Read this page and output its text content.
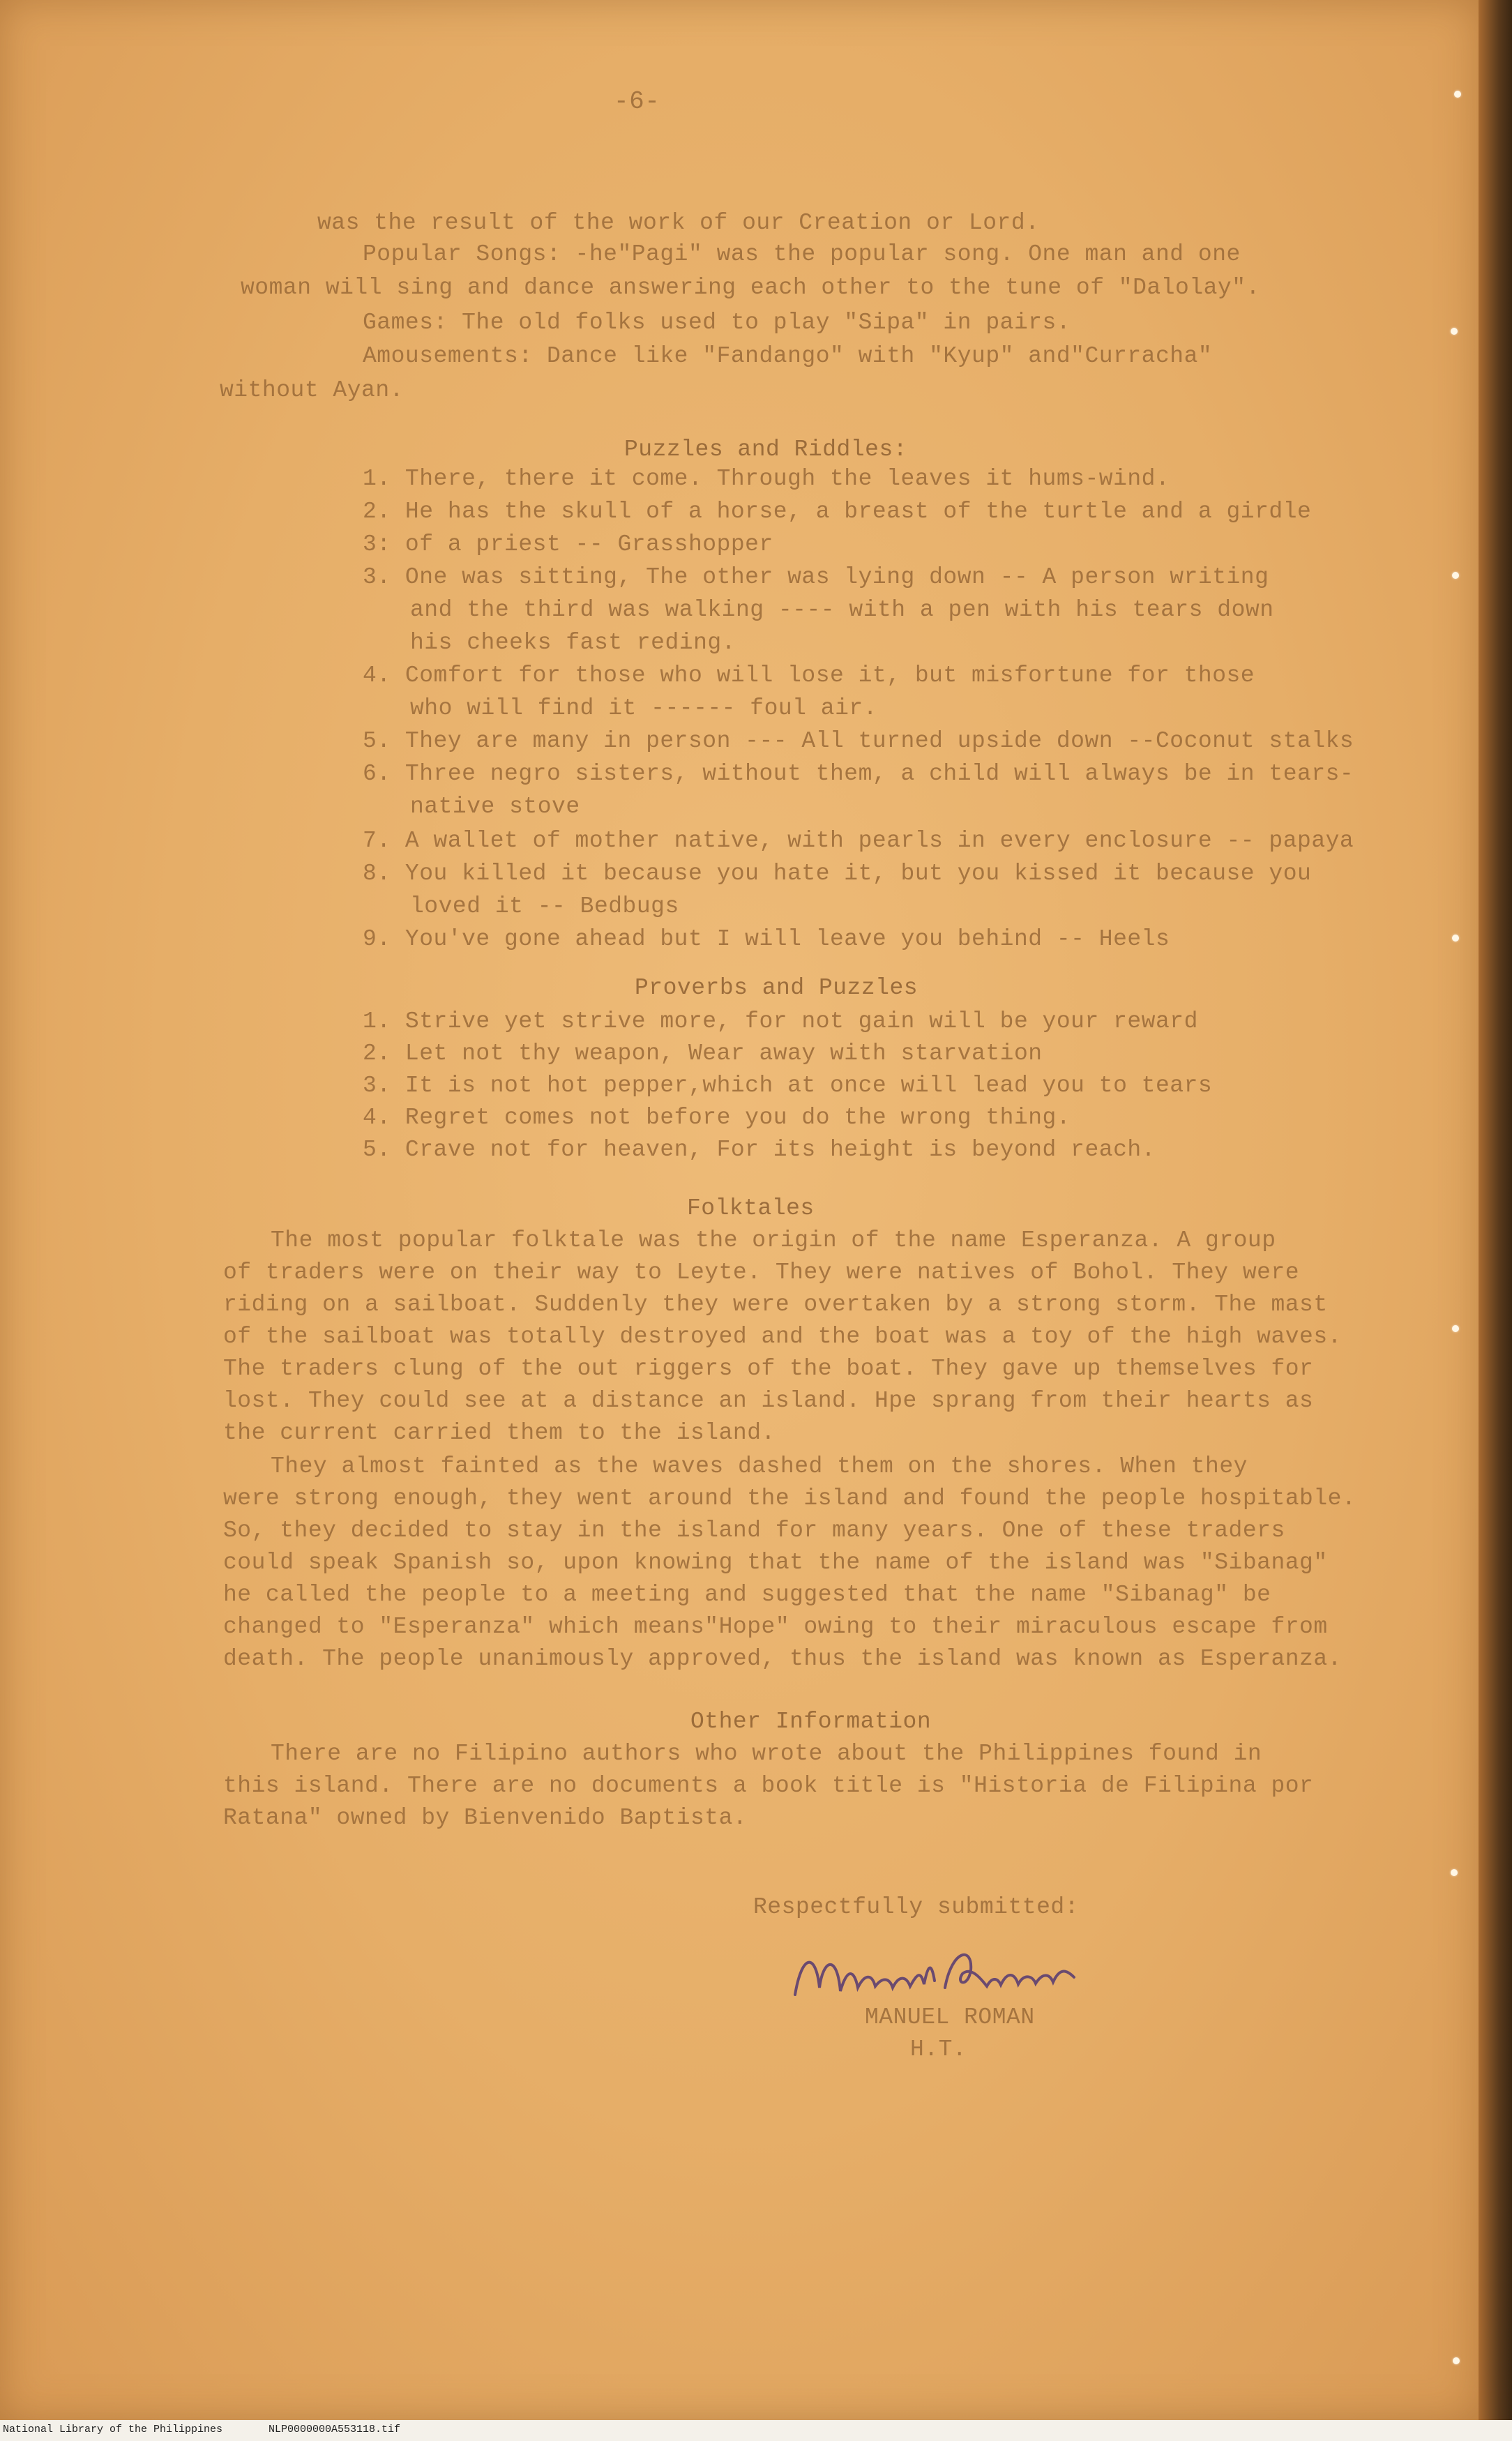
-6-
was the result of the work of our Creation or Lord.
Popular Songs: -he"Pagi" was the popular song. One man and one
woman will sing and dance answering each other to the tune of "Dalolay".
Games: The old folks used to play "Sipa" in pairs.
Amousements: Dance like "Fandango" with "Kyup" and"Curracha"
without Ayan.
Puzzles and Riddles:
1. There, there it come. Through the leaves it hums-wind.
2. He has the skull of a horse, a breast of the turtle and a girdle
3: of a priest -- Grasshopper
3. One was sitting, The other was lying down -- A person writing
and the third was walking ---- with a pen with his tears down
his cheeks fast reding.
4. Comfort for those who will lose it, but misfortune for those
who will find it ------ foul air.
5. They are many in person --- All turned upside down --Coconut stalks
6. Three negro sisters, without them, a child will always be in tears-
native stove
7. A wallet of mother native, with pearls in every enclosure -- papaya
8. You killed it because you hate it, but you kissed it because you
loved it -- Bedbugs
9. You've gone ahead but I will leave you behind -- Heels
Proverbs and Puzzles
1. Strive yet strive more, for not gain will be your reward
2. Let not thy weapon, Wear away with starvation
3. It is not hot pepper,which at once will lead you to tears
4. Regret comes not before you do the wrong thing.
5. Crave not for heaven, For its height is beyond reach.
Folktales
The most popular folktale was the origin of the name Esperanza. A group
of traders were on their way to Leyte. They were natives of Bohol. They were
riding on a sailboat. Suddenly they were overtaken by a strong storm. The mast
of the sailboat was totally destroyed and the boat was a toy of the high waves.
The traders clung of the out riggers of the boat. They gave up themselves for
lost. They could see at a distance an island. Hpe sprang from their hearts as
the current carried them to the island.
They almost fainted as the waves dashed them on the shores. When they
were strong enough, they went around the island and found the people hospitable.
So, they decided to stay in the island for many years. One of these traders
could speak Spanish so, upon knowing that the name of the island was "Sibanag"
he called the people to a meeting and suggested that the name "Sibanag" be
changed to "Esperanza" which means"Hope" owing to their miraculous escape from
death. The people unanimously approved, thus the island was known as Esperanza.
Other Information
There are no Filipino authors who wrote about the Philippines found in
this island. There are no documents a book title is "Historia de Filipina por
Ratana" owned by Bienvenido Baptista.
Respectfully submitted:
MANUEL ROMAN
H.T.
National Library of the Philippines	NLP0000000A553118.tif
